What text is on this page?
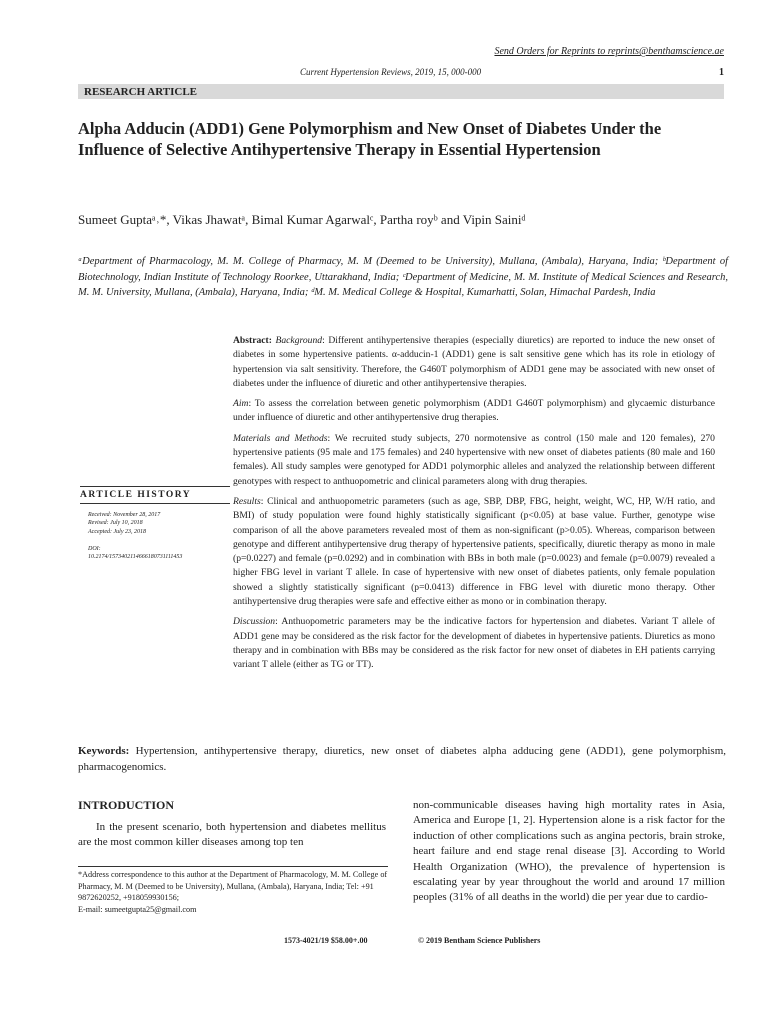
Send Orders for Reprints to reprints@benthamscience.ae
Current Hypertension Reviews, 2019, 15, 000-000	1
RESEARCH ARTICLE
Alpha Adducin (ADD1) Gene Polymorphism and New Onset of Diabetes Under the Influence of Selective Antihypertensive Therapy in Essential Hypertension
Sumeet Guptaᵃ˒*, Vikas Jhawatᵃ, Bimal Kumar Agarwalᶜ, Partha royᵇ and Vipin Sainiᵈ
ᵃDepartment of Pharmacology, M. M. College of Pharmacy, M. M (Deemed to be University), Mullana, (Ambala), Haryana, India; ᵇDepartment of Biotechnology, Indian Institute of Technology Roorkee, Uttarakhand, India; ᶜDepartment of Medicine, M. M. Institute of Medical Sciences and Research, M. M. University, Mullana, (Ambala), Haryana, India; ᵈM. M. Medical College & Hospital, Kumarhatti, Solan, Himachal Pardesh, India

Abstract: Background: Different antihypertensive therapies (especially diuretics) are reported to induce the new onset of diabetes in some hypertensive patients. α-adducin-1 (ADD1) gene is salt sensitive gene which has its role in etiology of hypertension via salt sensitivity. Therefore, the G460T polymorphism of ADD1 gene may be associated with new onset of diabetes under the influence of diuretic and other antihypertensive therapies.

Aim: To assess the correlation between genetic polymorphism (ADD1 G460T polymorphism) and glycaemic disturbance under influence of diuretic and other antihypertensive drug therapies.

Materials and Methods: We recruited study subjects, 270 normotensive as control (150 male and 120 females), 270 hypertensive patients (95 male and 175 females) and 240 hypertensive with new onset of diabetes patients (80 male and 160 females). All study samples were genotyped for ADD1 polymorphic alleles and analyzed the relationship between different genotypes with respect to anthuopometric and clinical parameters along with drug therapies.

Results: Clinical and anthuopometric parameters (such as age, SBP, DBP, FBG, height, weight, WC, HP, W/H ratio, and BMI) of study population were found highly statistically significant (p<0.05) at base value. Further, genotype wise comparison of all the above parameters revealed most of them as non-significant (p>0.05). Whereas, comparison between genotype and different antihypertensive drug therapy of hypertensive patients, specifically, diuretic therapy as mono in male (p=0.0227) and female (p=0.0292) and in combination with BBs in both male (p=0.0023) and female (p=0.0079) revealed a higher FBG level in variant T allele. In case of hypertensive with new onset of diabetes patients, only female population showed a slightly statistically significant (p=0.0413) difference in FBG level with diuretic mono therapy. Other antihypertensive drug therapies were safe and effective either as mono or in combination therapy.

Discussion: Anthuopometric parameters may be the indicative factors for hypertension and diabetes. Variant T allele of ADD1 gene may be considered as the risk factor for the development of diabetes in hypertensive patients. Diuretics as mono therapy and in combination with BBs may be considered as the risk factor for new onset of diabetes in EH patients carrying variant T allele (either as TG or TT).

ARTICLE HISTORY
Received: November 28, 2017
Revised: July 10, 2018
Accepted: July 23, 2018
DOI:
10.2174/1573402114666180731111453
Keywords: Hypertension, antihypertensive therapy, diuretics, new onset of diabetes alpha adducing gene (ADD1), gene polymorphism, pharmacogenomics.
INTRODUCTION
In the present scenario, both hypertension and diabetes mellitus are the most common killer diseases among top ten
non-communicable diseases having high mortality rates in Asia, America and Europe [1, 2]. Hypertension alone is a risk factor for the induction of other complications such as angina pectoris, brain stroke, heart failure and end stage renal disease [3]. According to World Health Organization (WHO), the prevalence of hypertension is escalating year by year throughout the world and around 17 million peoples (31% of all deaths in the world) die per year due to cardio-
*Address correspondence to this author at the Department of Pharmacology, M. M. College of Pharmacy, M. M (Deemed to be University), Mullana, (Ambala), Haryana, India; Tel: +91 9872620252, +918059930156;
E-mail: sumeetgupta25@gmail.com
1573-4021/19 $58.00+.00	© 2019 Bentham Science Publishers
